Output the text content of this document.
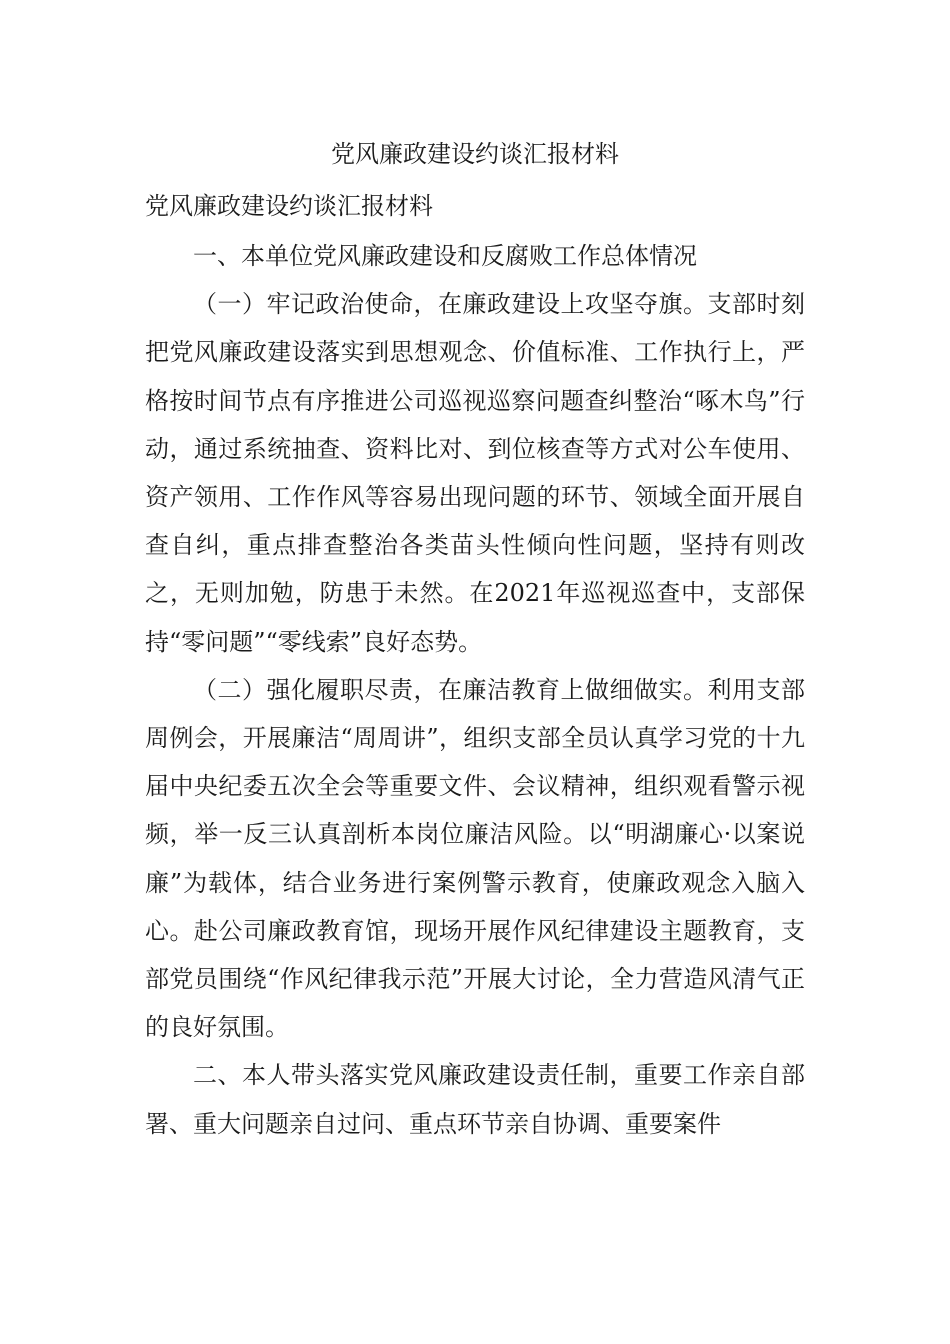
党风廉政建设约谈汇报材料

党风廉政建设约谈汇报材料

一、本单位党风廉政建设和反腐败工作总体情况

（一）牢记政治使命，在廉政建设上攻坚夺旗。支部时刻把党风廉政建设落实到思想观念、价值标准、工作执行上，严格按时间节点有序推进公司巡视巡察问题查纠整治“啄木鸟”行动，通过系统抽查、资料比对、到位核查等方式对公车使用、资产领用、工作作风等容易出现问题的环节、领域全面开展自查自纠，重点排查整治各类苗头性倾向性问题，坚持有则改之，无则加勉，防患于未然。在2021年巡视巡查中，支部保持“零问题”“零线索”良好态势。

（二）强化履职尽责，在廉洁教育上做细做实。利用支部周例会，开展廉洁“周周讲”，组织支部全员认真学习党的十九届中央纪委五次全会等重要文件、会议精神，组织观看警示视频，举一反三认真剖析本岗位廉洁风险。以“明湖廉心·以案说廉”为载体，结合业务进行案例警示教育，使廉政观念入脑入心。赴公司廉政教育馆，现场开展作风纪律建设主题教育，支部党员围绕“作风纪律我示范”开展大讨论，全力营造风清气正的良好氛围。

二、本人带头落实党风廉政建设责任制，重要工作亲自部署、重大问题亲自过问、重点环节亲自协调、重要案件
